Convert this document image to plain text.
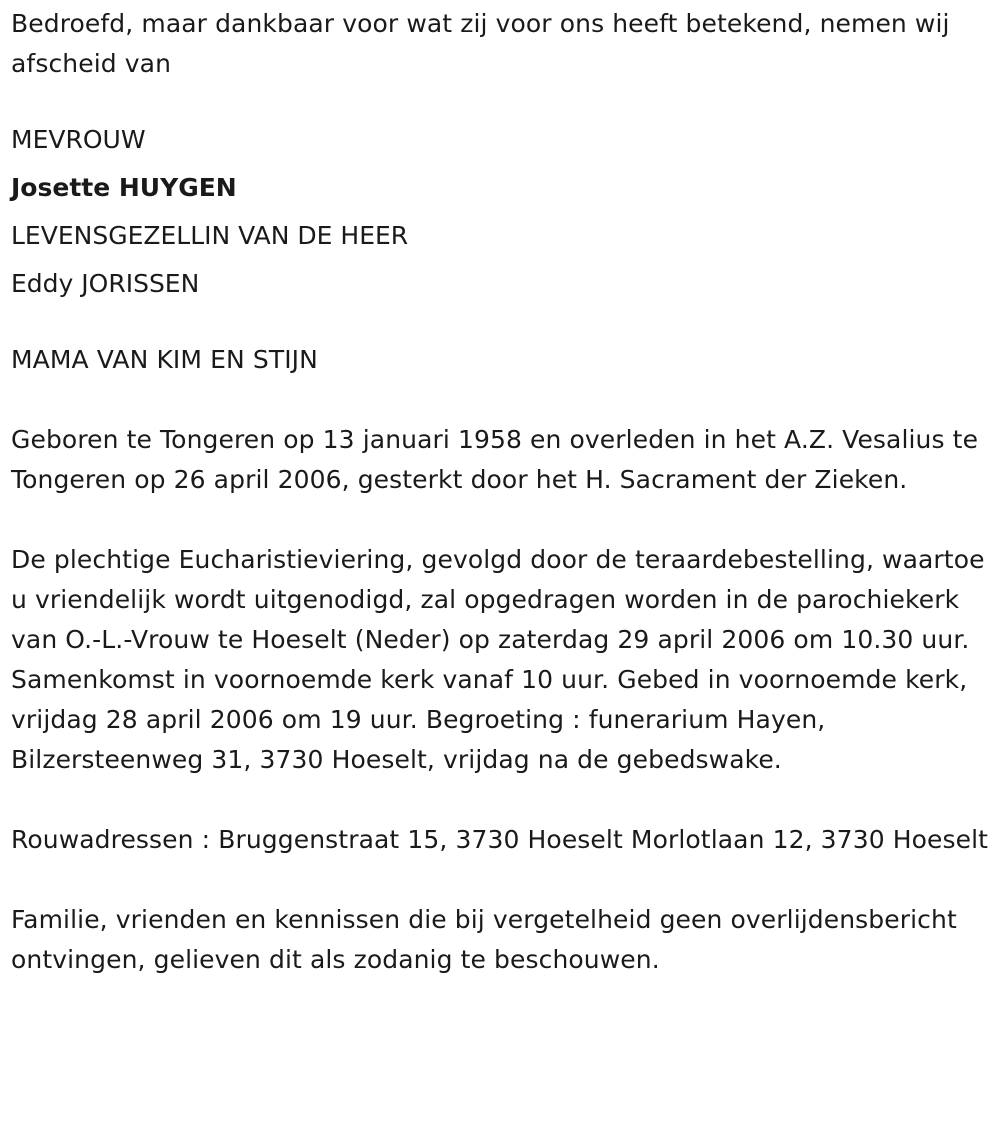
Bedroefd, maar dankbaar voor wat zij voor ons heeft betekend, nemen wij afscheid van

MEVROUW
Josette HUYGEN
LEVENSGEZELLIN VAN DE HEER
Eddy JORISSEN

MAMA VAN KIM EN STIJN

Geboren te Tongeren op 13 januari 1958 en overleden in het A.Z. Vesalius te Tongeren op 26 april 2006, gesterkt door het H. Sacrament der Zieken.

De plechtige Eucharistieviering, gevolgd door de teraardebestelling, waartoe u vriendelijk wordt uitgenodigd, zal opgedragen worden in de parochiekerk van O.-L.-Vrouw te Hoeselt (Neder) op zaterdag 29 april 2006 om 10.30 uur. Samenkomst in voornoemde kerk vanaf 10 uur. Gebed in voornoemde kerk, vrijdag 28 april 2006 om 19 uur. Begroeting : funerarium Hayen, Bilzersteenweg 31, 3730 Hoeselt, vrijdag na de gebedswake.

Rouwadressen : Bruggenstraat 15, 3730 Hoeselt Morlotlaan 12, 3730 Hoeselt

Familie, vrienden en kennissen die bij vergetelheid geen overlijdensbericht ontvingen, gelieven dit als zodanig te beschouwen.
